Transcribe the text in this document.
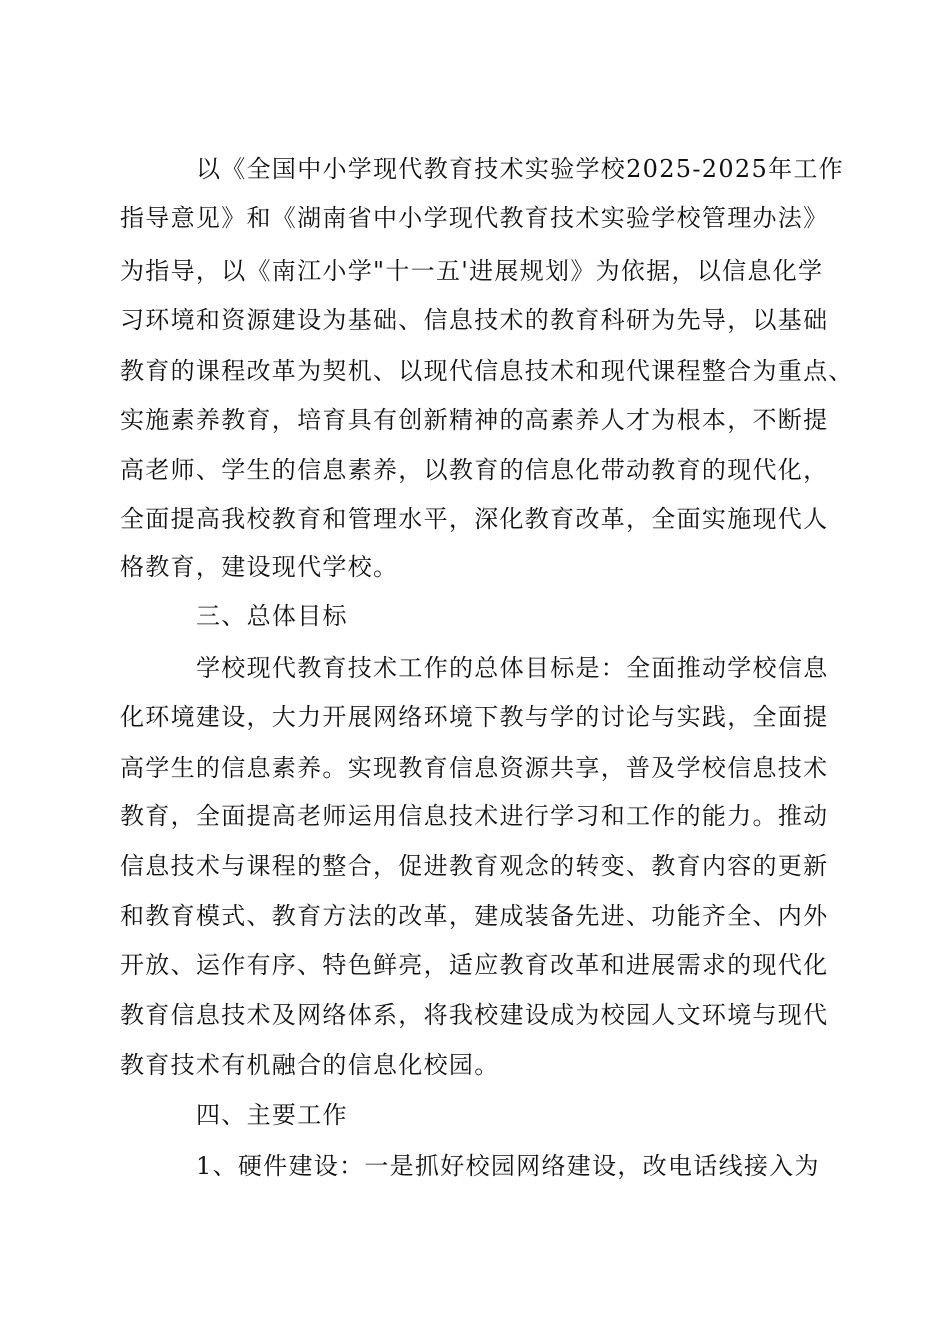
以《全国中小学现代教育技术实验学校2025-2025年工作
指导意见》和《湖南省中小学现代教育技术实验学校管理办法》
为指导，以《南江小学"十一五'进展规划》为依据，以信息化学
习环境和资源建设为基础、信息技术的教育科研为先导，以基础
教育的课程改革为契机、以现代信息技术和现代课程整合为重点、
实施素养教育，培育具有创新精神的高素养人才为根本，不断提
高老师、学生的信息素养，以教育的信息化带动教育的现代化，
全面提高我校教育和管理水平，深化教育改革，全面实施现代人
格教育，建设现代学校。
三、总体目标
学校现代教育技术工作的总体目标是：全面推动学校信息
化环境建设，大力开展网络环境下教与学的讨论与实践，全面提
高学生的信息素养。实现教育信息资源共享，普及学校信息技术
教育，全面提高老师运用信息技术进行学习和工作的能力。推动
信息技术与课程的整合，促进教育观念的转变、教育内容的更新
和教育模式、教育方法的改革，建成装备先进、功能齐全、内外
开放、运作有序、特色鲜亮，适应教育改革和进展需求的现代化
教育信息技术及网络体系，将我校建设成为校园人文环境与现代
教育技术有机融合的信息化校园。
四、主要工作
1、硬件建设：一是抓好校园网络建设，改电话线接入为
